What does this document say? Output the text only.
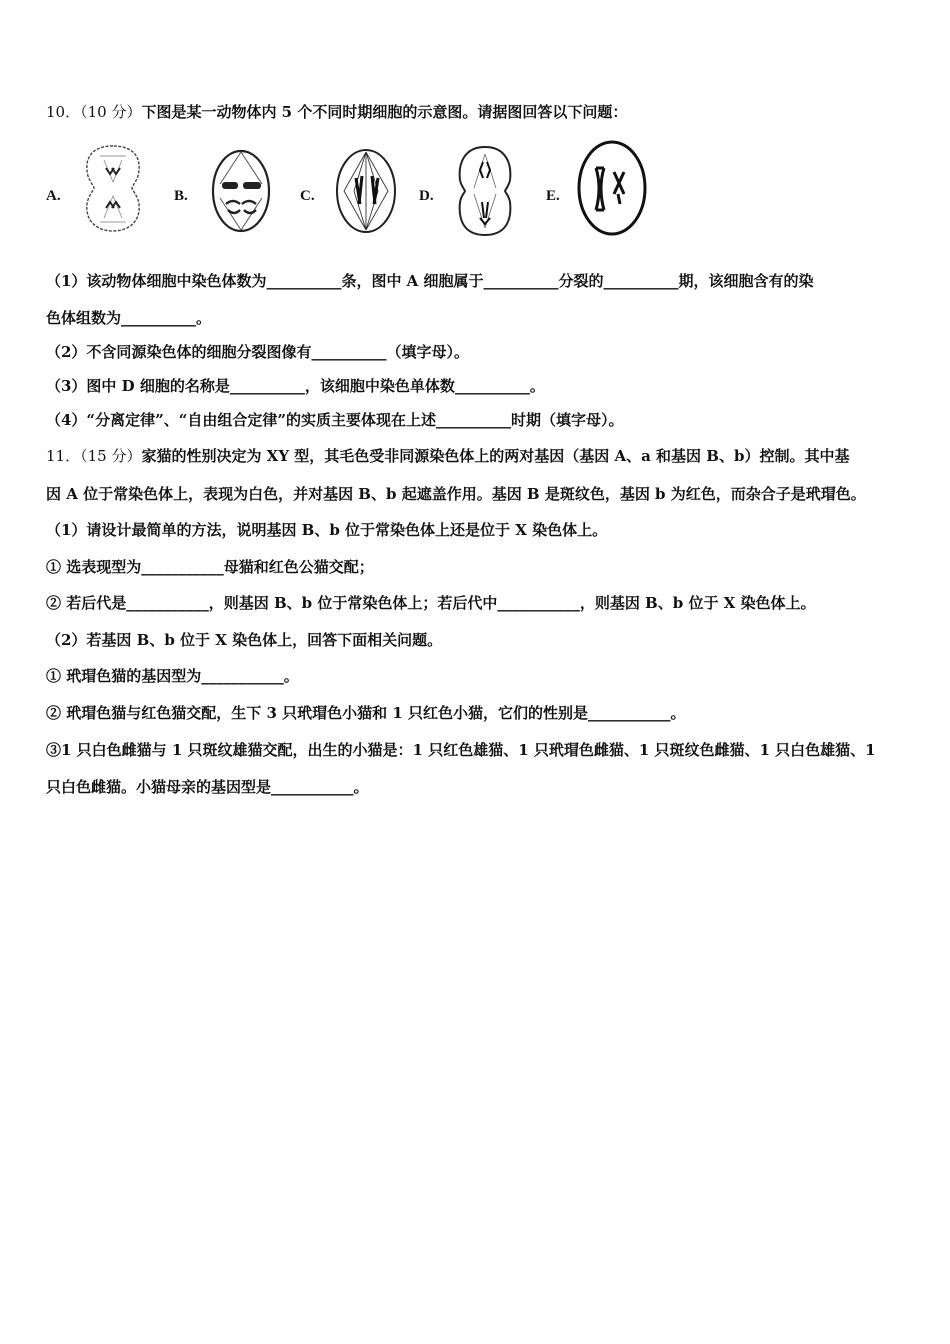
10．（10 分）下图是某一动物体内 5 个不同时期细胞的示意图。请据图回答以下问题：
A.	B.	C.	D.	E.
（1）该动物体细胞中染色体数为__________条，图中 A 细胞属于__________分裂的__________期，该细胞含有的染
色体组数为__________。
（2）不含同源染色体的细胞分裂图像有__________（填字母）。
（3）图中 D 细胞的名称是__________，该细胞中染色单体数__________。
（4）“分离定律”、“自由组合定律”的实质主要体现在上述__________时期（填字母）。
11．（15 分）家猫的性别决定为 XY 型，其毛色受非同源染色体上的两对基因（基因 A、a 和基因 B、b）控制。其中基
因 A 位于常染色体上，表现为白色，并对基因 B、b 起遮盖作用。基因 B 是斑纹色，基因 b 为红色，而杂合子是玳瑁色。
（1）请设计最简单的方法，说明基因 B、b 位于常染色体上还是位于 X 染色体上。
① 选表现型为___________母猫和红色公猫交配；
② 若后代是___________，则基因 B、b 位于常染色体上；若后代中___________，则基因 B、b 位于 X 染色体上。
（2）若基因 B、b 位于 X 染色体上，回答下面相关问题。
① 玳瑁色猫的基因型为___________。
② 玳瑁色猫与红色猫交配，生下 3 只玳瑁色小猫和 1 只红色小猫，它们的性别是___________。
③1 只白色雌猫与 1 只斑纹雄猫交配，出生的小猫是：1 只红色雄猫、1 只玳瑁色雌猫、1 只斑纹色雌猫、1 只白色雄猫、1
只白色雌猫。小猫母亲的基因型是___________。
